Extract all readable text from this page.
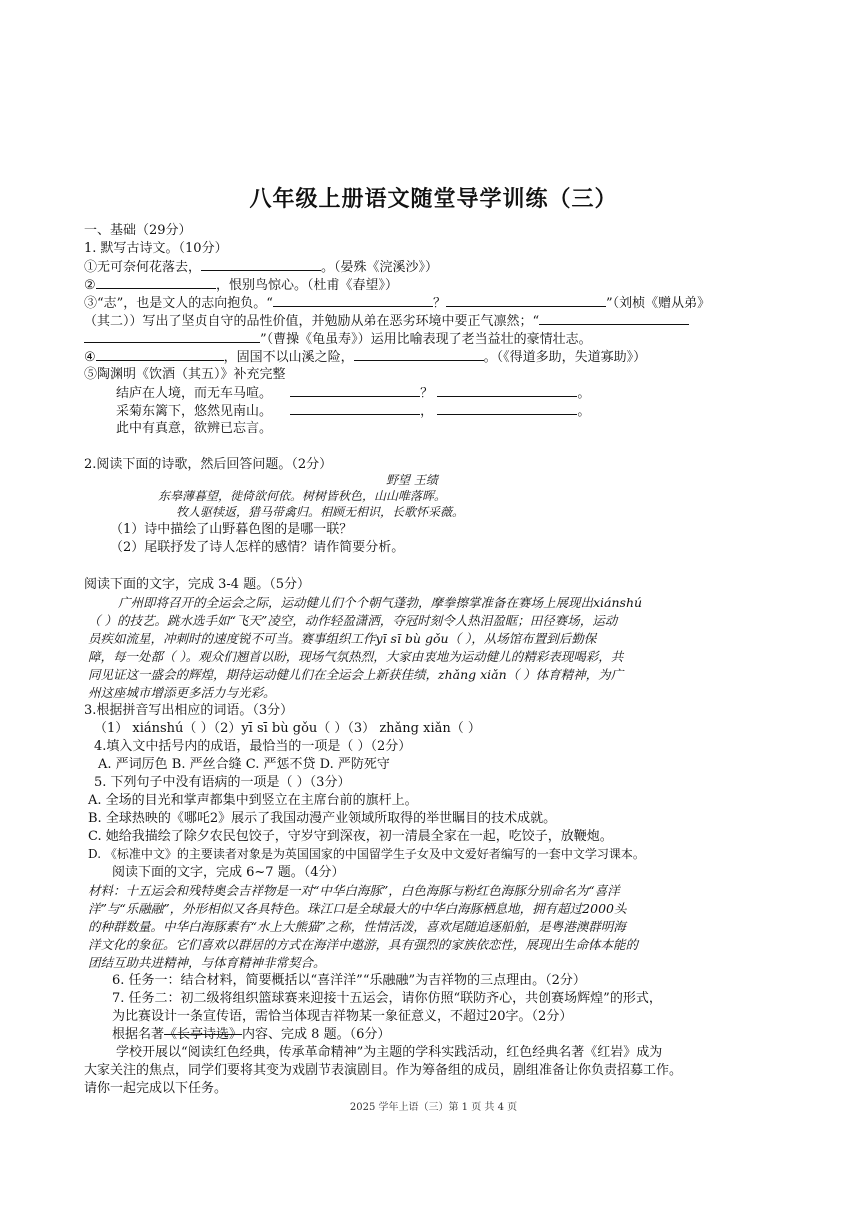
八年级上册语文随堂导学训练（三）
一、基础（29分）
1. 默写古诗文。（10分）
①无可奈何花落去，	。（晏殊《浣溪沙》）
②	，恨别鸟惊心。（杜甫《春望》）
③“志”，也是文人的志向抱负。“	？	”（刘桢《赠从弟》
（其二））写出了坚贞自守的品性价值，并勉励从弟在恶劣环境中要正气凛然；“
”（曹操《龟虽寿》）运用比喻表现了老当益壮的豪情壮志。
④	，固国不以山溪之险，	。（《得道多助，失道寡助》）
⑤陶渊明《饮酒（其五）》补充完整
结庐在人境，而无车马喧。	？	。
采菊东篱下，悠然见南山。	，	。
此中有真意，欲辨已忘言。
2.阅读下面的诗歌，然后回答问题。（2分）
野望 王绩
东皋薄暮望，徙倚欲何依。树树皆秋色，山山唯落晖。
牧人驱犊返，猎马带禽归。相顾无相识，长歌怀采薇。
（1）诗中描绘了山野暮色图的是哪一联？
（2）尾联抒发了诗人怎样的感情？请作简要分析。
阅读下面的文字，完成 3-4 题。（5分）
广州即将召开的全运会之际，运动健儿们个个朝气蓬勃，摩拳擦掌准备在赛场上展现出xiánshú
（ ）的技艺。跳水选手如“飞天”凌空，动作轻盈潇洒，夺冠时刻令人热泪盈眶；田径赛场，运动
员疾如流星，冲刺时的速度锐不可当。赛事组织工作yī sī bù gǒu（ ），从场馆布置到后勤保
障，每一处都（ ）。观众们翘首以盼，现场气氛热烈，大家由衷地为运动健儿的精彩表现喝彩，共
同见证这一盛会的辉煌，期待运动健儿们在全运会上新获佳绩，zhǎng xiǎn（ ）体育精神，为广
州这座城市增添更多活力与光彩。
3.根据拼音写出相应的词语。（3分）
（1） xiánshú（ ）（2）yī sī bù gǒu（ ）（3） zhǎng xiǎn（ ）
4.填入文中括号内的成语，最恰当的一项是（ ）（2分）
A. 严词厉色 B. 严丝合缝 C. 严惩不贷 D. 严防死守
5. 下列句子中没有语病的一项是（ ）（3分）
A. 全场的目光和掌声都集中到竖立在主席台前的旗杆上。
B. 全球热映的《哪吒2》展示了我国动漫产业领域所取得的举世瞩目的技术成就。
C. 她给我描绘了除夕农民包饺子，守岁守到深夜，初一清晨全家在一起，吃饺子，放鞭炮。
D. 《标准中文》的主要读者对象是为英国国家的中国留学生子女及中文爱好者编写的一套中文学习课本。
阅读下面的文字，完成 6~7 题。（4分）
材料：十五运会和残特奥会吉祥物是一对“中华白海豚”，白色海豚与粉红色海豚分别命名为“喜洋
洋”与“乐融融”，外形相似又各具特色。珠江口是全球最大的中华白海豚栖息地，拥有超过2000头
的种群数量。中华白海豚素有“水上大熊猫”之称，性情活泼，喜欢尾随追逐船舶，是粤港澳群明海
洋文化的象征。它们喜欢以群居的方式在海洋中遨游，具有强烈的家族依恋性，展现出生命体本能的
团结互助共进精神，与体育精神非常契合。
6. 任务一：结合材料，简要概括以“喜洋洋”“乐融融”为吉祥物的三点理由。（2分）
7. 任务二：初二级将组织篮球赛来迎接十五运会，请你仿照“联防齐心，共创赛场辉煌”的形式，
为比赛设计一条宣传语，需恰当体现吉祥物某一象征意义，不超过20字。（2分）
根据名著《长亭诗选》内容、完成 8 题。（6分）
学校开展以“阅读红色经典，传承革命精神”为主题的学科实践活动，红色经典名著《红岩》成为
大家关注的焦点，同学们要将其变为戏剧节表演剧目。作为筹备组的成员，剧组准备让你负责招募工作。
请你一起完成以下任务。
2025 学年上语（三）第 1 页 共 4 页
